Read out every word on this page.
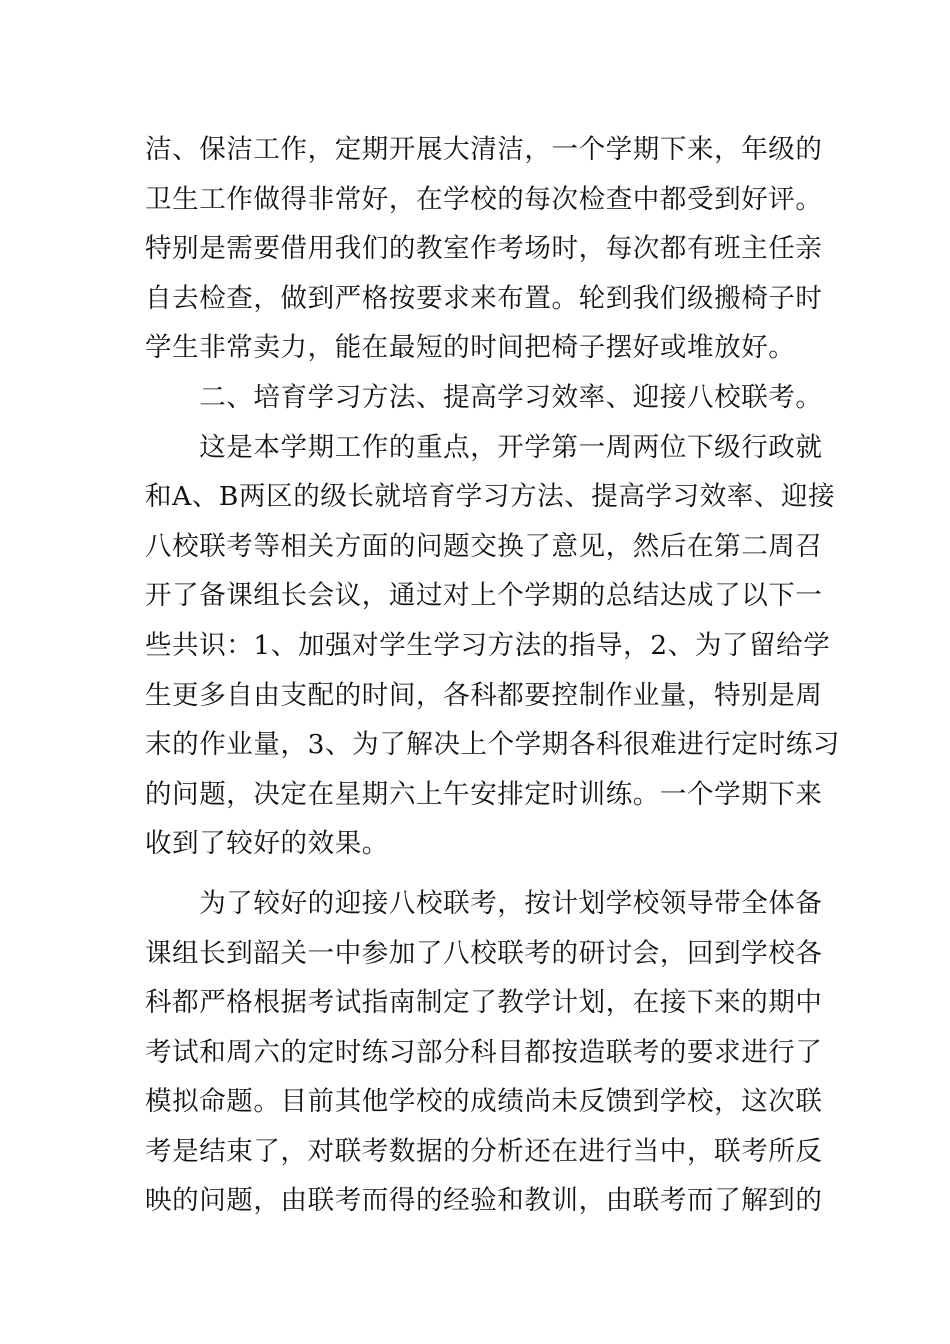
洁、保洁工作，定期开展大清洁，一个学期下来，年级的
卫生工作做得非常好，在学校的每次检查中都受到好评。
特别是需要借用我们的教室作考场时，每次都有班主任亲
自去检查，做到严格按要求来布置。轮到我们级搬椅子时
学生非常卖力，能在最短的时间把椅子摆好或堆放好。
　　二、培育学习方法、提高学习效率、迎接八校联考。
　　这是本学期工作的重点，开学第一周两位下级行政就
和A、B两区的级长就培育学习方法、提高学习效率、迎接
八校联考等相关方面的问题交换了意见，然后在第二周召
开了备课组长会议，通过对上个学期的总结达成了以下一
些共识：1、加强对学生学习方法的指导，2、为了留给学
生更多自由支配的时间，各科都要控制作业量，特别是周
末的作业量，3、为了解决上个学期各科很难进行定时练习
的问题，决定在星期六上午安排定时训练。一个学期下来
收到了较好的效果。
　　为了较好的迎接八校联考，按计划学校领导带全体备
课组长到韶关一中参加了八校联考的研讨会，回到学校各
科都严格根据考试指南制定了教学计划，在接下来的期中
考试和周六的定时练习部分科目都按造联考的要求进行了
模拟命题。目前其他学校的成绩尚未反馈到学校，这次联
考是结束了，对联考数据的分析还在进行当中，联考所反
映的问题，由联考而得的经验和教训，由联考而了解到的
